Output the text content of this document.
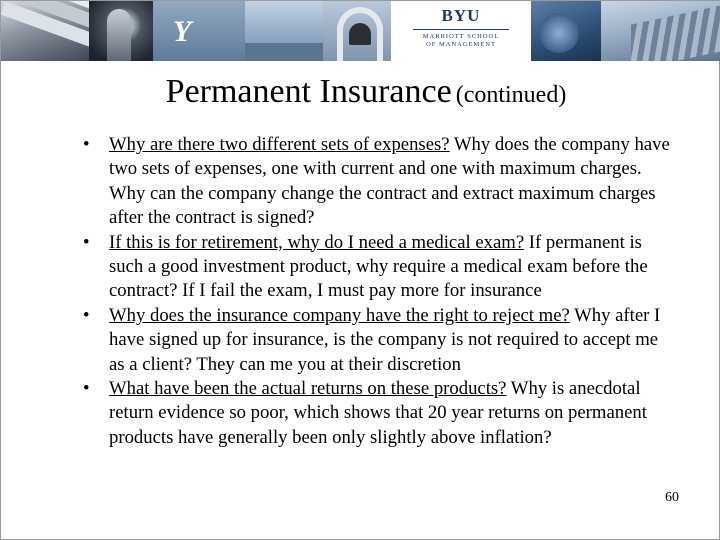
Y	BYU
MARRIOTT SCHOOL
OF MANAGEMENT
Permanent Insurance (continued)
• Why are there two different sets of expenses? Why does the company have two sets of expenses, one with current and one with maximum charges. Why can the company change the contract and extract maximum charges after the contract is signed?
• If this is for retirement, why do I need a medical exam? If permanent is such a good investment product, why require a medical exam before the contract? If I fail the exam, I must pay more for insurance
• Why does the insurance company have the right to reject me? Why after I have signed up for insurance, is the company is not required to accept me as a client? They can me you at their discretion
• What have been the actual returns on these products? Why is anecdotal return evidence so poor, which shows that 20 year returns on permanent products have generally been only slightly above inflation?
60
